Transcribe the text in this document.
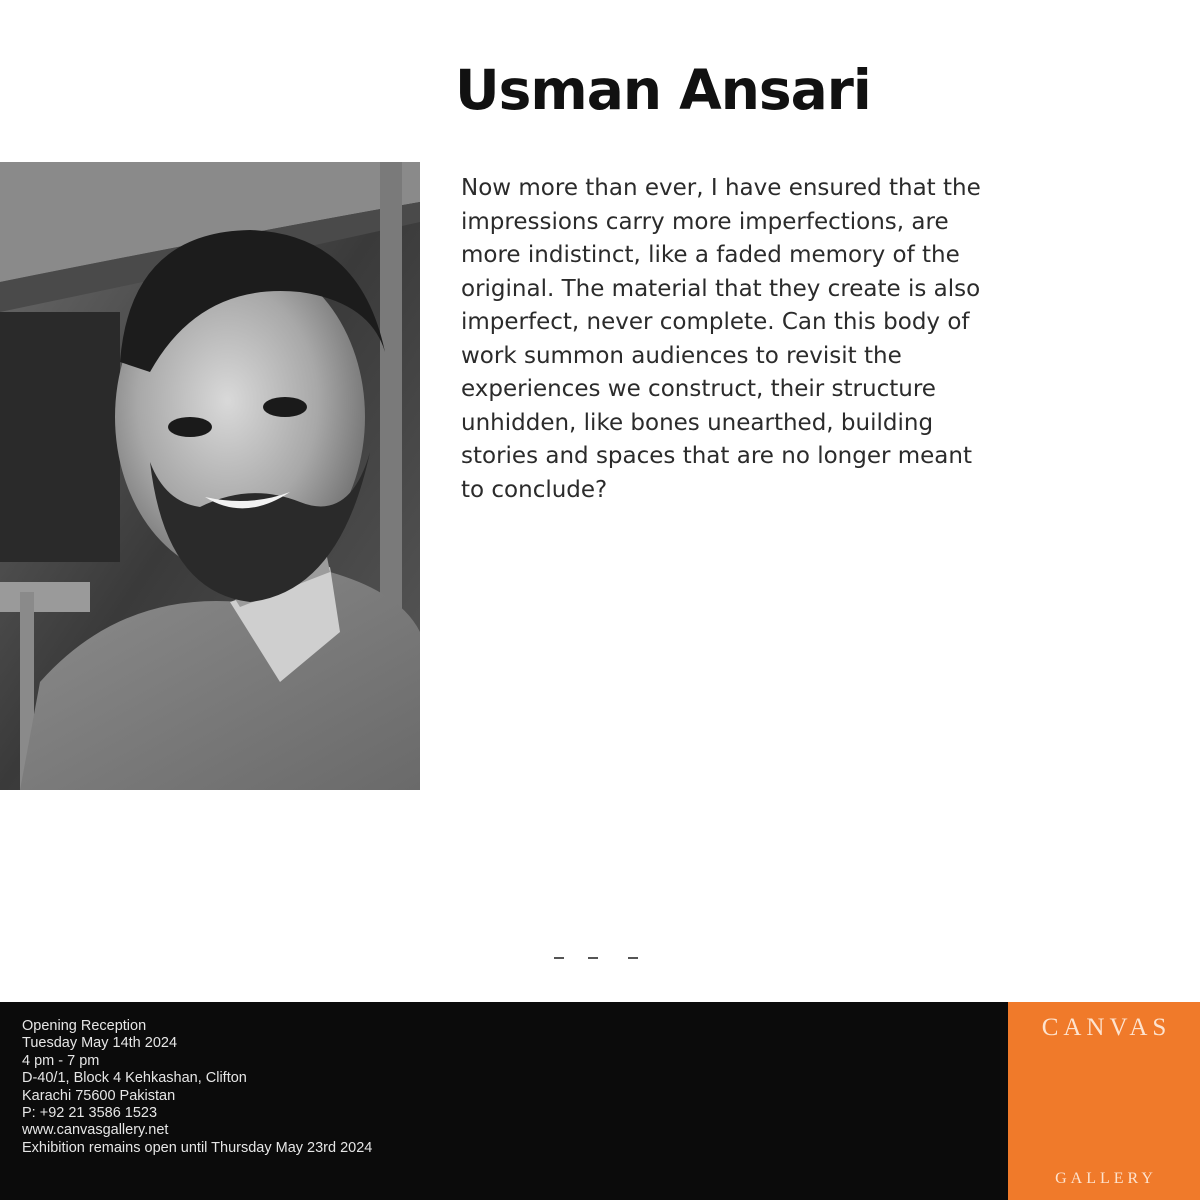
Usman Ansari
Now more than ever, I have ensured that the
impressions carry more imperfections, are
more indistinct, like a faded memory of the
original. The material that they create is also
imperfect, never complete. Can this body of
work summon audiences to revisit the
experiences we construct, their structure
unhidden, like bones unearthed, building
stories and spaces that are no longer meant
to conclude?
Opening Reception
Tuesday May 14th 2024
4 pm - 7 pm
D-40/1, Block 4 Kehkashan, Clifton
Karachi 75600 Pakistan
P: +92 21 3586 1523
www.canvasgallery.net
Exhibition remains open until Thursday May 23rd 2024
CANVAS
GALLERY
